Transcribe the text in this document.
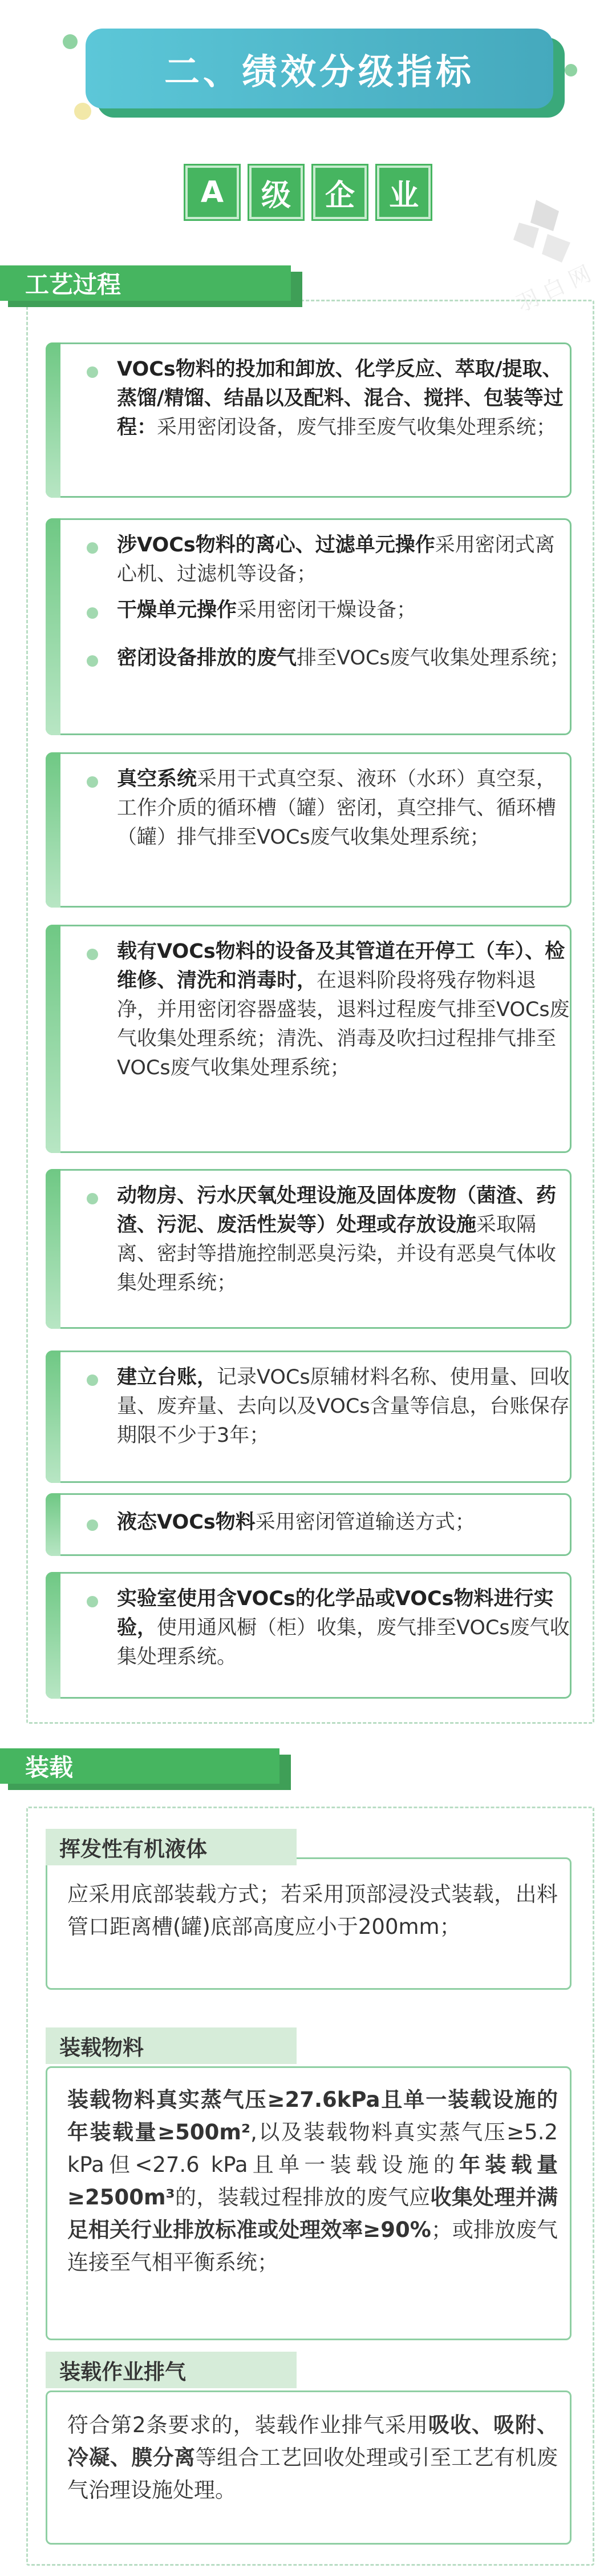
二、绩效分级指标
A	级	企	业
羽 白 网
工艺过程
VOCs物料的投加和卸放、化学反应、萃取/提取、蒸馏/精馏、结晶以及配料、混合、搅拌、包装等过程：采用密闭设备，废气排至废气收集处理系统；
涉VOCs物料的离心、过滤单元操作采用密闭式离心机、过滤机等设备；
干燥单元操作采用密闭干燥设备；
密闭设备排放的废气排至VOCs废气收集处理系统；
真空系统采用干式真空泵、液环（水环）真空泵，工作介质的循环槽（罐）密闭，真空排气、循环槽（罐）排气排至VOCs废气收集处理系统；
载有VOCs物料的设备及其管道在开停工（车）、检维修、清洗和消毒时，在退料阶段将残存物料退净，并用密闭容器盛装，退料过程废气排至VOCs废气收集处理系统；清洗、消毒及吹扫过程排气排至VOCs废气收集处理系统；
动物房、污水厌氧处理设施及固体废物（菌渣、药渣、污泥、废活性炭等）处理或存放设施采取隔离、密封等措施控制恶臭污染，并设有恶臭气体收集处理系统；
建立台账，记录VOCs原辅材料名称、使用量、回收量、废弃量、去向以及VOCs含量等信息，台账保存期限不少于3年；
液态VOCs物料采用密闭管道输送方式；
实验室使用含VOCs的化学品或VOCs物料进行实验，使用通风橱（柜）收集，废气排至VOCs废气收集处理系统。
装载
挥发性有机液体
应采用底部装载方式；若采用顶部浸没式装载，出料管口距离槽(罐)底部高度应小于200mm；
装载物料
装载物料真实蒸气压≥27.6kPa且单一装载设施的年装载量≥500m²,以及装载物料真实蒸气压≥5.2 kPa但<27.6 kPa且单一装载设施的年装载量≥2500m³的，装载过程排放的废气应收集处理并满足相关行业排放标准或处理效率≥90%；或排放废气连接至气相平衡系统；
装载作业排气
符合第2条要求的，装载作业排气采用吸收、吸附、冷凝、膜分离等组合工艺回收处理或引至工艺有机废气治理设施处理。
